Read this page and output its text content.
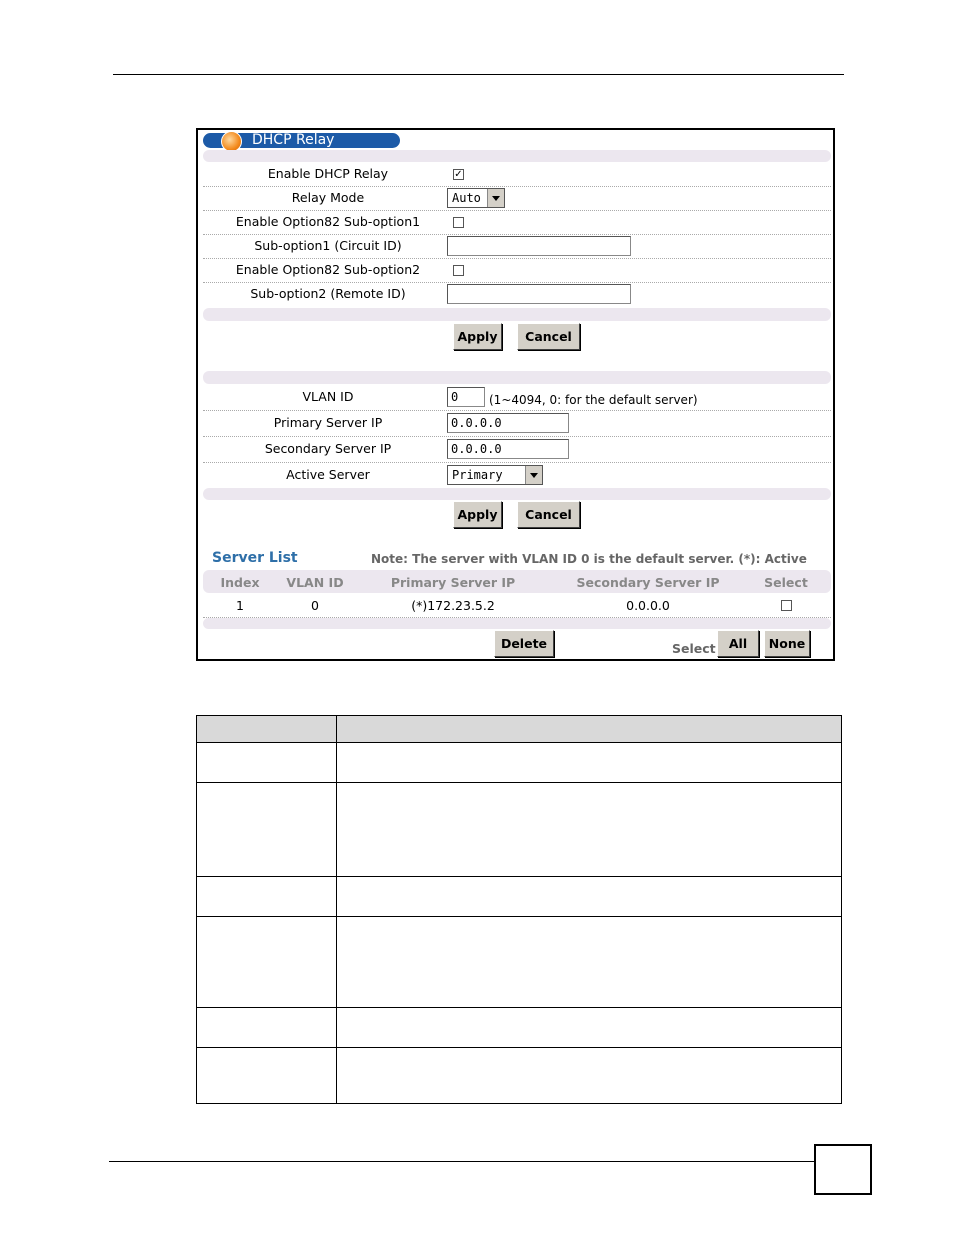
DHCP Relay
Enable DHCP Relay	✓
Relay Mode	Auto
Enable Option82 Sub-option1
Sub-option1 (Circuit ID)
Enable Option82 Sub-option2
Sub-option2 (Remote ID)
Apply	Cancel
VLAN ID	0	(1~4094, 0: for the default server)
Primary Server IP	0.0.0.0
Secondary Server IP	0.0.0.0
Active Server	Primary
Apply	Cancel
Server List	Note: The server with VLAN ID 0 is the default server. (*): Active
Index	VLAN ID	Primary Server IP	Secondary Server IP	Select
1	0	(*)172.23.5.2	0.0.0.0
Delete	Select	All	None
